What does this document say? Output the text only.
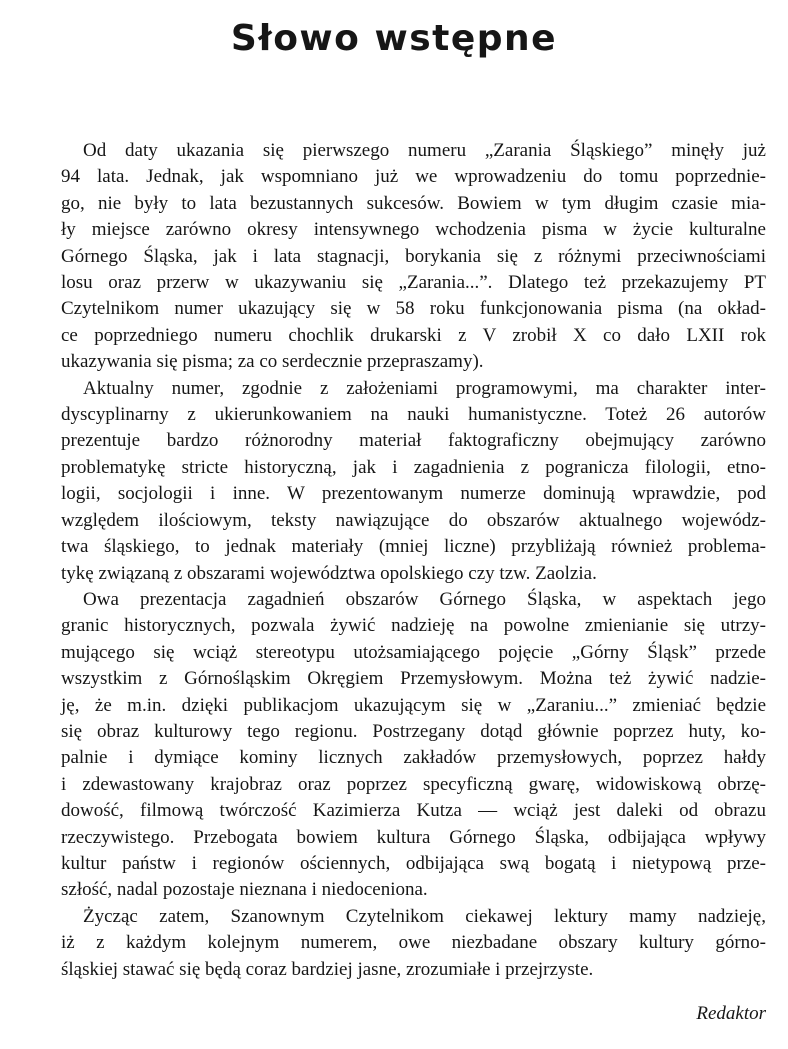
Słowo wstępne

Od daty ukazania się pierwszego numeru „Zarania Śląskiego” minęły już
94 lata. Jednak, jak wspomniano już we wprowadzeniu do tomu poprzednie-
go, nie były to lata bezustannych sukcesów. Bowiem w tym długim czasie mia-
ły miejsce zarówno okresy intensywnego wchodzenia pisma w życie kulturalne
Górnego Śląska, jak i lata stagnacji, borykania się z różnymi przeciwnościami
losu oraz przerw w ukazywaniu się „Zarania...”. Dlatego też przekazujemy PT
Czytelnikom numer ukazujący się w 58 roku funkcjonowania pisma (na okład-
ce poprzedniego numeru chochlik drukarski z V zrobił X co dało LXII rok
ukazywania się pisma; za co serdecznie przepraszamy).

Aktualny numer, zgodnie z założeniami programowymi, ma charakter inter-
dyscyplinarny z ukierunkowaniem na nauki humanistyczne. Toteż 26 autorów
prezentuje bardzo różnorodny materiał faktograficzny obejmujący zarówno
problematykę stricte historyczną, jak i zagadnienia z pogranicza filologii, etno-
logii, socjologii i inne. W prezentowanym numerze dominują wprawdzie, pod
względem ilościowym, teksty nawiązujące do obszarów aktualnego wojewódz-
twa śląskiego, to jednak materiały (mniej liczne) przybliżają również problema-
tykę związaną z obszarami województwa opolskiego czy tzw. Zaolzia.

Owa prezentacja zagadnień obszarów Górnego Śląska, w aspektach jego
granic historycznych, pozwala żywić nadzieję na powolne zmienianie się utrzy-
mującego się wciąż stereotypu utożsamiającego pojęcie „Górny Śląsk” przede
wszystkim z Górnośląskim Okręgiem Przemysłowym. Można też żywić nadzie-
ję, że m.in. dzięki publikacjom ukazującym się w „Zaraniu...” zmieniać będzie
się obraz kulturowy tego regionu. Postrzegany dotąd głównie poprzez huty, ko-
palnie i dymiące kominy licznych zakładów przemysłowych, poprzez hałdy
i zdewastowany krajobraz oraz poprzez specyficzną gwarę, widowiskową obrzę-
dowość, filmową twórczość Kazimierza Kutza — wciąż jest daleki od obrazu
rzeczywistego. Przebogata bowiem kultura Górnego Śląska, odbijająca wpływy
kultur państw i regionów ościennych, odbijająca swą bogatą i nietypową prze-
szłość, nadal pozostaje nieznana i niedoceniona.

Życząc zatem, Szanownym Czytelnikom ciekawej lektury mamy nadzieję,
iż z każdym kolejnym numerem, owe niezbadane obszary kultury górno-
śląskiej stawać się będą coraz bardziej jasne, zrozumiałe i przejrzyste.

Redaktor
